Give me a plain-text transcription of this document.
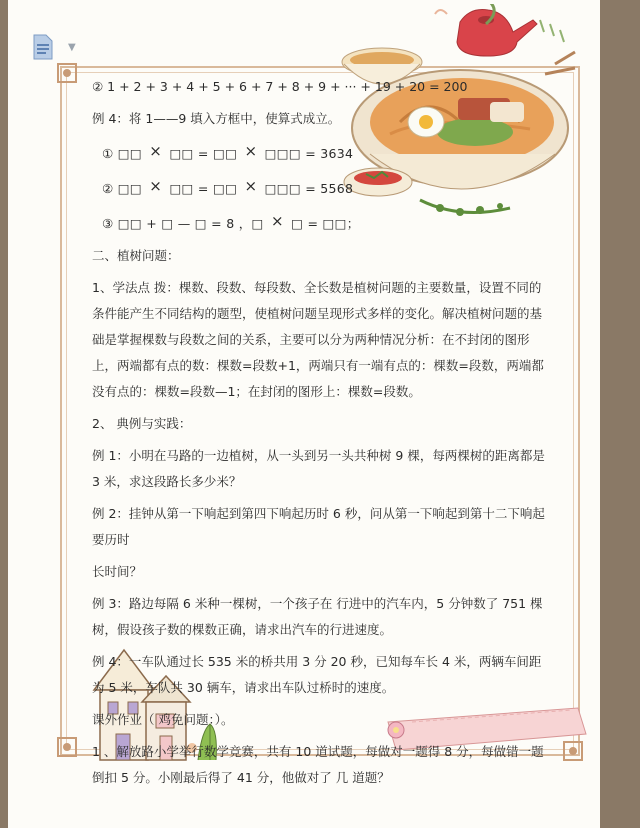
▼

② 1 + 2 + 3 + 4 + 5 + 6 + 7 + 8 + 9 + ··· + 19 + 20 = 200

例 4：将 1——9 填入方框中，使算式成立。

① □□ × □□ = □□ × □□□ = 3634

② □□ × □□ = □□ × □□□ = 5568

③ □□ + □ — □ = 8 ，□ × □ = □□；

二、植树问题：

1、学法点 拨：棵数、段数、每段数、全长数是植树问题的主要数量，设置不同的条件能产生不同结构的题型，使植树问题呈现形式多样的变化。解决植树问题的基础是掌握棵数与段数之间的关系，主要可以分为两种情况分析：在不封闭的图形上，两端都有点的数：棵数=段数+1，两端只有一端有点的：棵数=段数，两端都没有点的：棵数=段数—1；在封闭的图形上：棵数=段数。

2、 典例与实践：

例 1：小明在马路的一边植树，从一头到另一头共种树 9 棵，每两棵树的距离都是 3 米，求这段路长多少米？

例 2：挂钟从第一下响起到第四下响起历时 6 秒，问从第一下响起到第十二下响起要历时

长时间？

例 3：路边每隔 6 米种一棵树，一个孩子在 行进中的汽车内，5 分钟数了 751 棵树，假设孩子数的棵数正确，请求出汽车的行进速度。

例 4：一车队通过长 535 米的桥共用 3 分 20 秒，已知每车长 4 米，两辆车间距为 5 米，车队共 30 辆车，请求出车队过桥时的速度。

课外作业（ 鸡免问题：）。

1 、解放路小学举行数学竞赛，共有 10 道试题，每做对一题得 8 分，每做错一题倒扣 5 分。小刚最后得了 41 分，他做对了 几 道题？
